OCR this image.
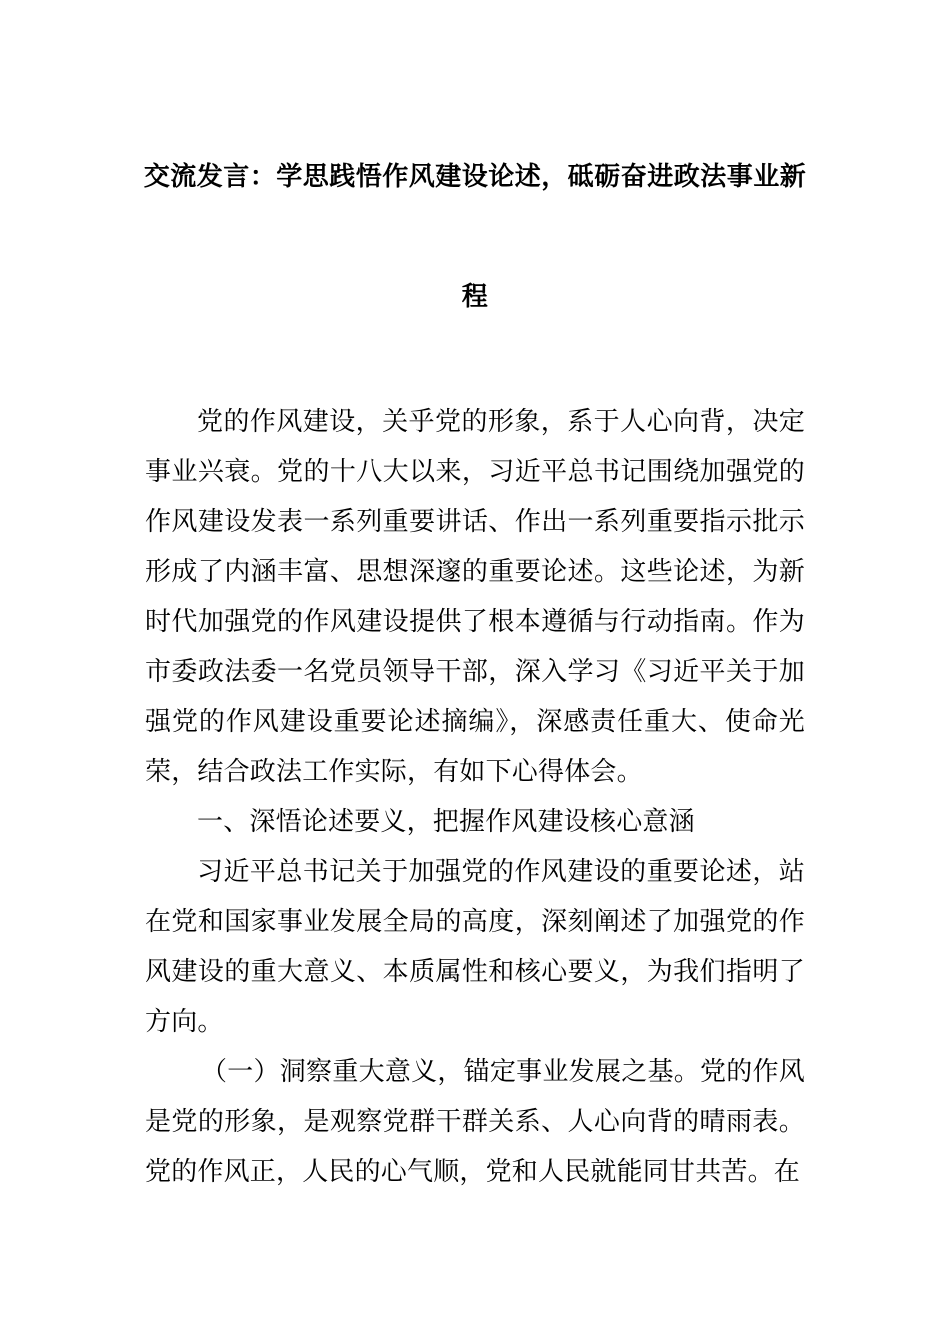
交流发言：学思践悟作风建设论述，砥砺奋进政法事业新
程

党的作风建设，关乎党的形象，系于人心向背，决定事业兴衰。党的十八大以来，习近平总书记围绕加强党的作风建设发表一系列重要讲话、作出一系列重要指示批示形成了内涵丰富、思想深邃的重要论述。这些论述，为新时代加强党的作风建设提供了根本遵循与行动指南。作为市委政法委一名党员领导干部，深入学习《习近平关于加强党的作风建设重要论述摘编》，深感责任重大、使命光荣，结合政法工作实际，有如下心得体会。

一、深悟论述要义，把握作风建设核心意涵

习近平总书记关于加强党的作风建设的重要论述，站在党和国家事业发展全局的高度，深刻阐述了加强党的作风建设的重大意义、本质属性和核心要义，为我们指明了方向。

（一）洞察重大意义，锚定事业发展之基。党的作风是党的形象，是观察党群干群关系、人心向背的晴雨表。党的作风正，人民的心气顺，党和人民就能同甘共苦。在
